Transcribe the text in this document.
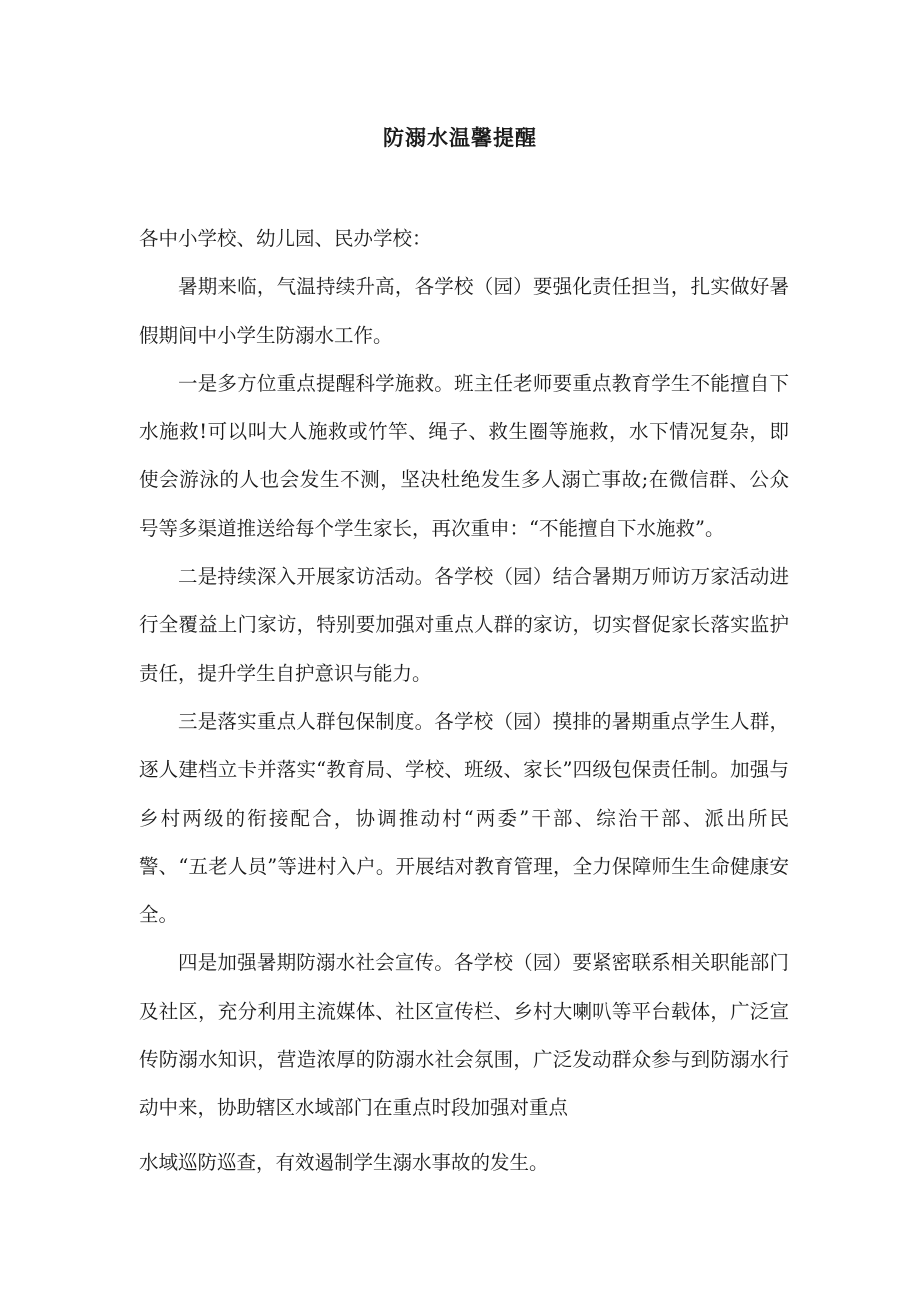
防溺水温馨提醒

各中小学校、幼儿园、民办学校：

暑期来临，气温持续升高，各学校（园）要强化责任担当，扎实做好暑假期间中小学生防溺水工作。

一是多方位重点提醒科学施救。班主任老师要重点教育学生不能擅自下水施救!可以叫大人施救或竹竿、绳子、救生圈等施救，水下情况复杂，即使会游泳的人也会发生不测，坚决杜绝发生多人溺亡事故;在微信群、公众号等多渠道推送给每个学生家长，再次重申：“不能擅自下水施救”。

二是持续深入开展家访活动。各学校（园）结合暑期万师访万家活动进行全覆益上门家访，特别要加强对重点人群的家访，切实督促家长落实监护责任，提升学生自护意识与能力。

三是落实重点人群包保制度。各学校（园）摸排的暑期重点学生人群，逐人建档立卡并落实“教育局、学校、班级、家长”四级包保责任制。加强与乡村两级的衔接配合，协调推动村“两委”干部、综治干部、派出所民警、“五老人员”等进村入户。开展结对教育管理，全力保障师生生命健康安全。

四是加强暑期防溺水社会宣传。各学校（园）要紧密联系相关职能部门及社区，充分利用主流媒体、社区宣传栏、乡村大喇叭等平台载体，广泛宣传防溺水知识，营造浓厚的防溺水社会氛围，广泛发动群众参与到防溺水行动中来，协助辖区水域部门在重点时段加强对重点

水域巡防巡查，有效遏制学生溺水事故的发生。
